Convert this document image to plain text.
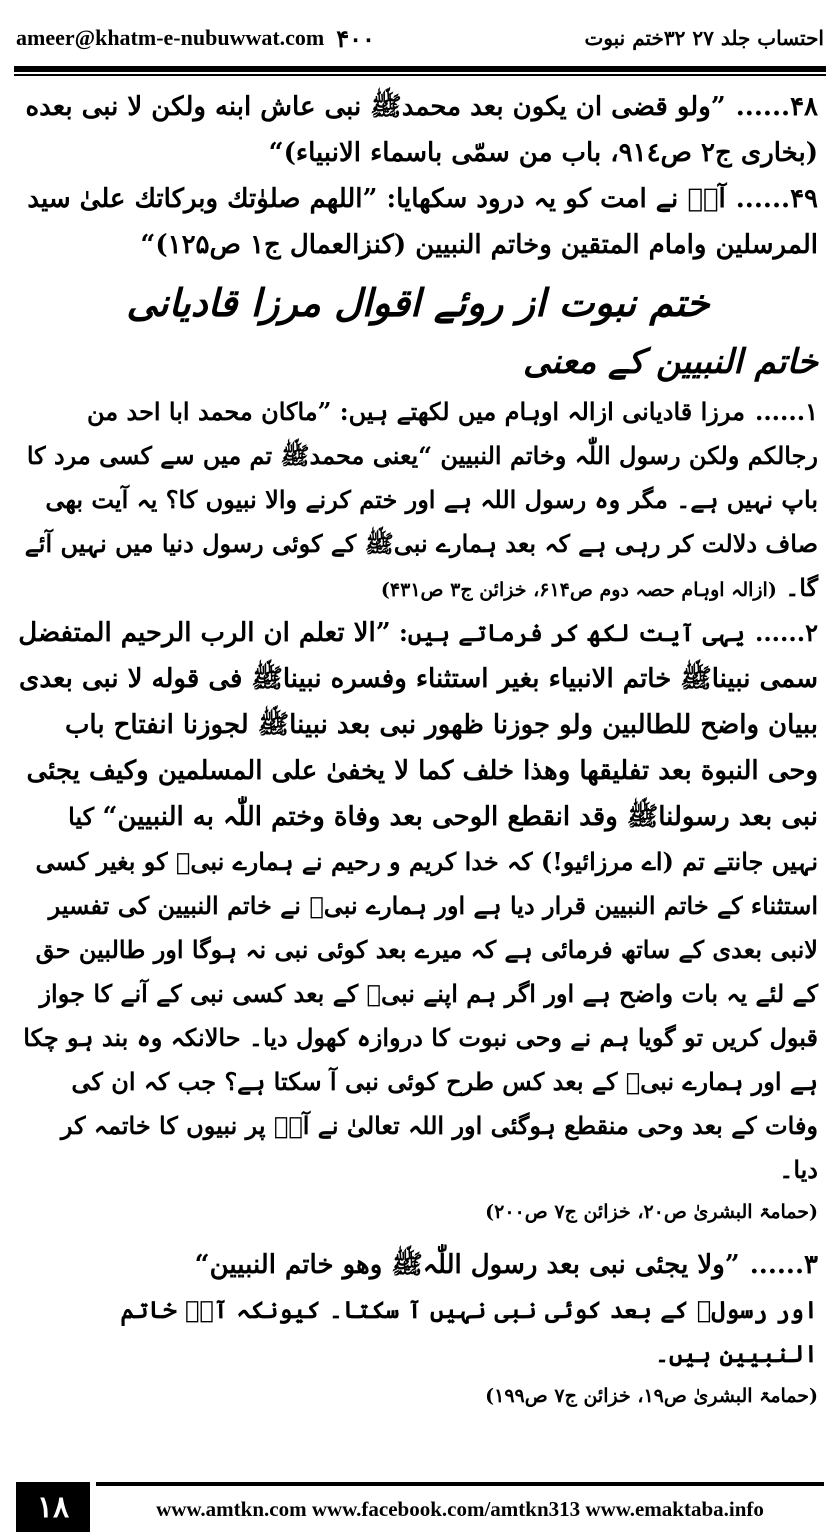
ameer@khatm-e-nubuwwat.com ۴۰۰	احتساب جلد ۲۷ ۳۲ختم نبوت

۴۸......”ولو قضی ان یکون بعد محمدﷺ نبی عاش ابنه ولکن لا نبی بعده (بخاری ج۲ ص۹۱٤، باب من سمّی باسماء الانبیاء)“

۴۹......آپؐ نے امت کو یہ درود سکھایا: ”اللهم صلوٰتك وبرکاتك علیٰ سید المرسلین وامام المتقین وخاتم النبیین (کنزالعمال ج۱ ص۱۲۵)“

ختم نبوت از روئے اقوال مرزا قادیانی

خاتم النبیین کے معنی

۱......مرزا قادیانی ازالہ اوہام میں لکھتے ہیں: ”ماکان محمد ابا احد من رجالکم ولکن رسول اللّٰہ وخاتم النبیین “یعنی محمدﷺ تم میں سے کسی مرد کا باپ نہیں ہے۔ مگر وہ رسول اللہ ہے اور ختم کرنے والا نبیوں کا؟ یہ آیت بھی صاف دلالت کر رہی ہے کہ بعد ہمارے نبیﷺ کے کوئی رسول دنیا میں نہیں آئے گا۔ (ازالہ اوہام حصہ دوم ص۶۱۴، خزائن ج۳ ص۴۳۱)

۲......یہی آیت لکھ کر فرماتے ہیں: ”الا تعلم ان الرب الرحیم المتفضل سمی نبیناﷺ خاتم الانبیاء بغیر استثناء وفسره نبیناﷺ فی قوله لا نبی بعدی ببیان واضح للطالبین ولو جوزنا ظهور نبی بعد نبیناﷺ لجوزنا انفتاح باب وحی النبوة بعد تفلیقها وهذا خلف کما لا یخفیٰ علی المسلمین وکیف یجئی نبی بعد رسولناﷺ وقد انقطع الوحی بعد وفاة وختم اللّٰہ به النبیین“ کیا نہیں جانتے تم (اے مرزائیو!) کہ خدا کریم و رحیم نے ہمارے نبیﷺ کو بغیر کسی استثناء کے خاتم النبیین قرار دیا ہے اور ہمارے نبیﷺ نے خاتم النبیین کی تفسیر لانبی بعدی کے ساتھ فرمائی ہے کہ میرے بعد کوئی نبی نہ ہوگا اور طالبین حق کے لئے یہ بات واضح ہے اور اگر ہم اپنے نبیﷺ کے بعد کسی نبی کے آنے کا جواز قبول کریں تو گویا ہم نے وحی نبوت کا دروازہ کھول دیا۔ حالانکہ وہ بند ہو چکا ہے اور ہمارے نبیﷺ کے بعد کس طرح کوئی نبی آ سکتا ہے؟ جب کہ ان کی وفات کے بعد وحی منقطع ہوگئی اور اللہ تعالیٰ نے آپؐ پر نبیوں کا خاتمہ کر دیا۔

(حمامۃ البشریٰ ص۲۰، خزائن ج۷ ص۲۰۰)

۳......”ولا یجئی نبی بعد رسول اللّٰہﷺ وهو خاتم النبیین“

اور رسولﷺ کے بعد کوئی نبی نہیں آ سکتا۔ کیونکہ آپؐ خاتم النبیین ہیں۔

(حمامۃ البشریٰ ص۱۹، خزائن ج۷ ص۱۹۹)

۱۸	www.amtkn.com www.facebook.com/amtkn313 www.emaktaba.info
